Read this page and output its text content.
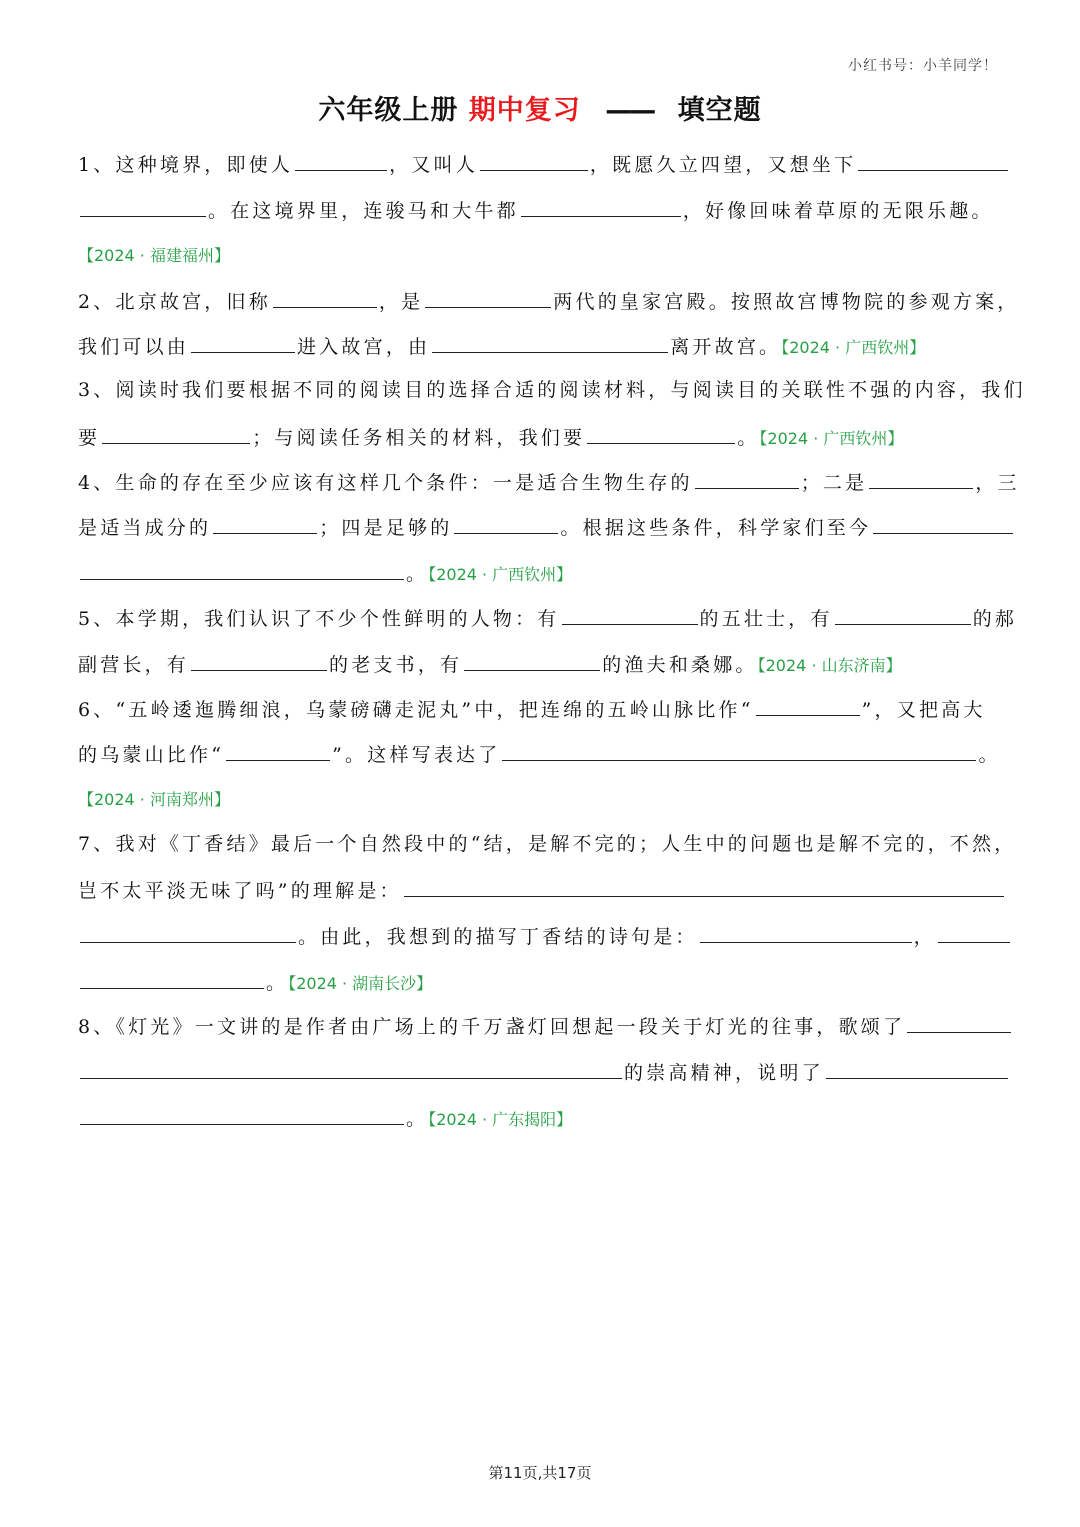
小红书号：小羊同学！
六年级上册 期中复习 —— 填空题
1、这种境界，即使人	，又叫人	，既愿久立四望，又想坐下
。在这境界里，连骏马和大牛都	，好像回味着草原的无限乐趣。
【2024 · 福建福州】
2、北京故宫，旧称	，是	两代的皇家宫殿。按照故宫博物院的参观方案，
我们可以由	进入故宫，由	离开故宫。【2024 · 广西钦州】
3、阅读时我们要根据不同的阅读目的选择合适的阅读材料，与阅读目的关联性不强的内容，我们
要	；与阅读任务相关的材料，我们要	。【2024 · 广西钦州】
4、生命的存在至少应该有这样几个条件：一是适合生物生存的	；二是	，三
是适当成分的	；四是足够的	。根据这些条件，科学家们至今
。【2024 · 广西钦州】
5、本学期，我们认识了不少个性鲜明的人物：有	的五壮士，有	的郝
副营长，有	的老支书，有	的渔夫和桑娜。【2024 · 山东济南】
6、“五岭逶迤腾细浪，乌蒙磅礴走泥丸”中，把连绵的五岭山脉比作“	”，又把高大
的乌蒙山比作“	”。这样写表达了	。
【2024 · 河南郑州】
7、我对《丁香结》最后一个自然段中的“结，是解不完的；人生中的问题也是解不完的，不然，
岂不太平淡无味了吗”的理解是：
。由此，我想到的描写丁香结的诗句是：	，
。【2024 · 湖南长沙】
8、《灯光》一文讲的是作者由广场上的千万盏灯回想起一段关于灯光的往事，歌颂了
的崇高精神，说明了
。【2024 · 广东揭阳】
第11页,共17页
